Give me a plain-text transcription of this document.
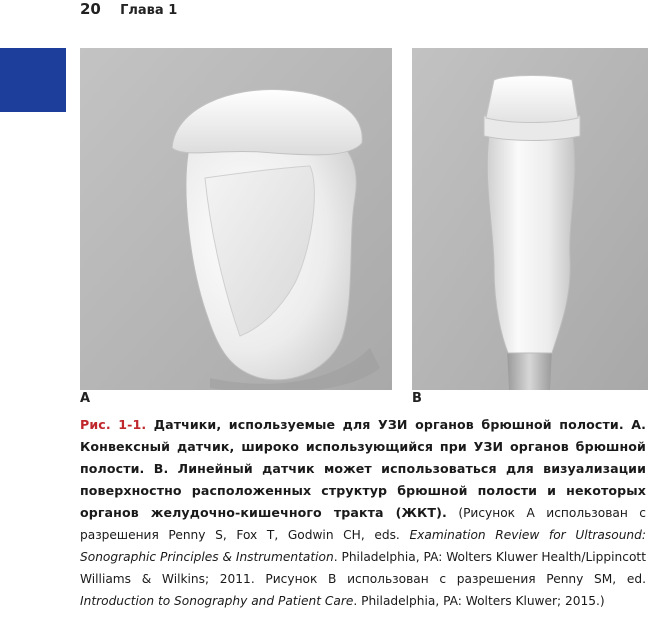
20 Глава 1
A	B
Рис. 1-1. Датчики, используемые для УЗИ органов брюшной полости. А. Конвексный датчик, широко использующийся при УЗИ органов брюшной полости. В. Линейный датчик может использоваться для визуализации поверхностно расположенных структур брюшной полости и некоторых органов желудочно-кишечного тракта (ЖКТ). (Рисунок А использован с разрешения Penny S, Fox T, Godwin CH, eds. Examination Review for Ultrasound: Sonographic Principles & Instrumentation. Philadelphia, PA: Wolters Kluwer Health/Lippincott Williams & Wilkins; 2011. Рисунок В использован с разрешения Penny SM, ed. Introduction to Sonography and Patient Care. Philadelphia, PA: Wolters Kluwer; 2015.)
